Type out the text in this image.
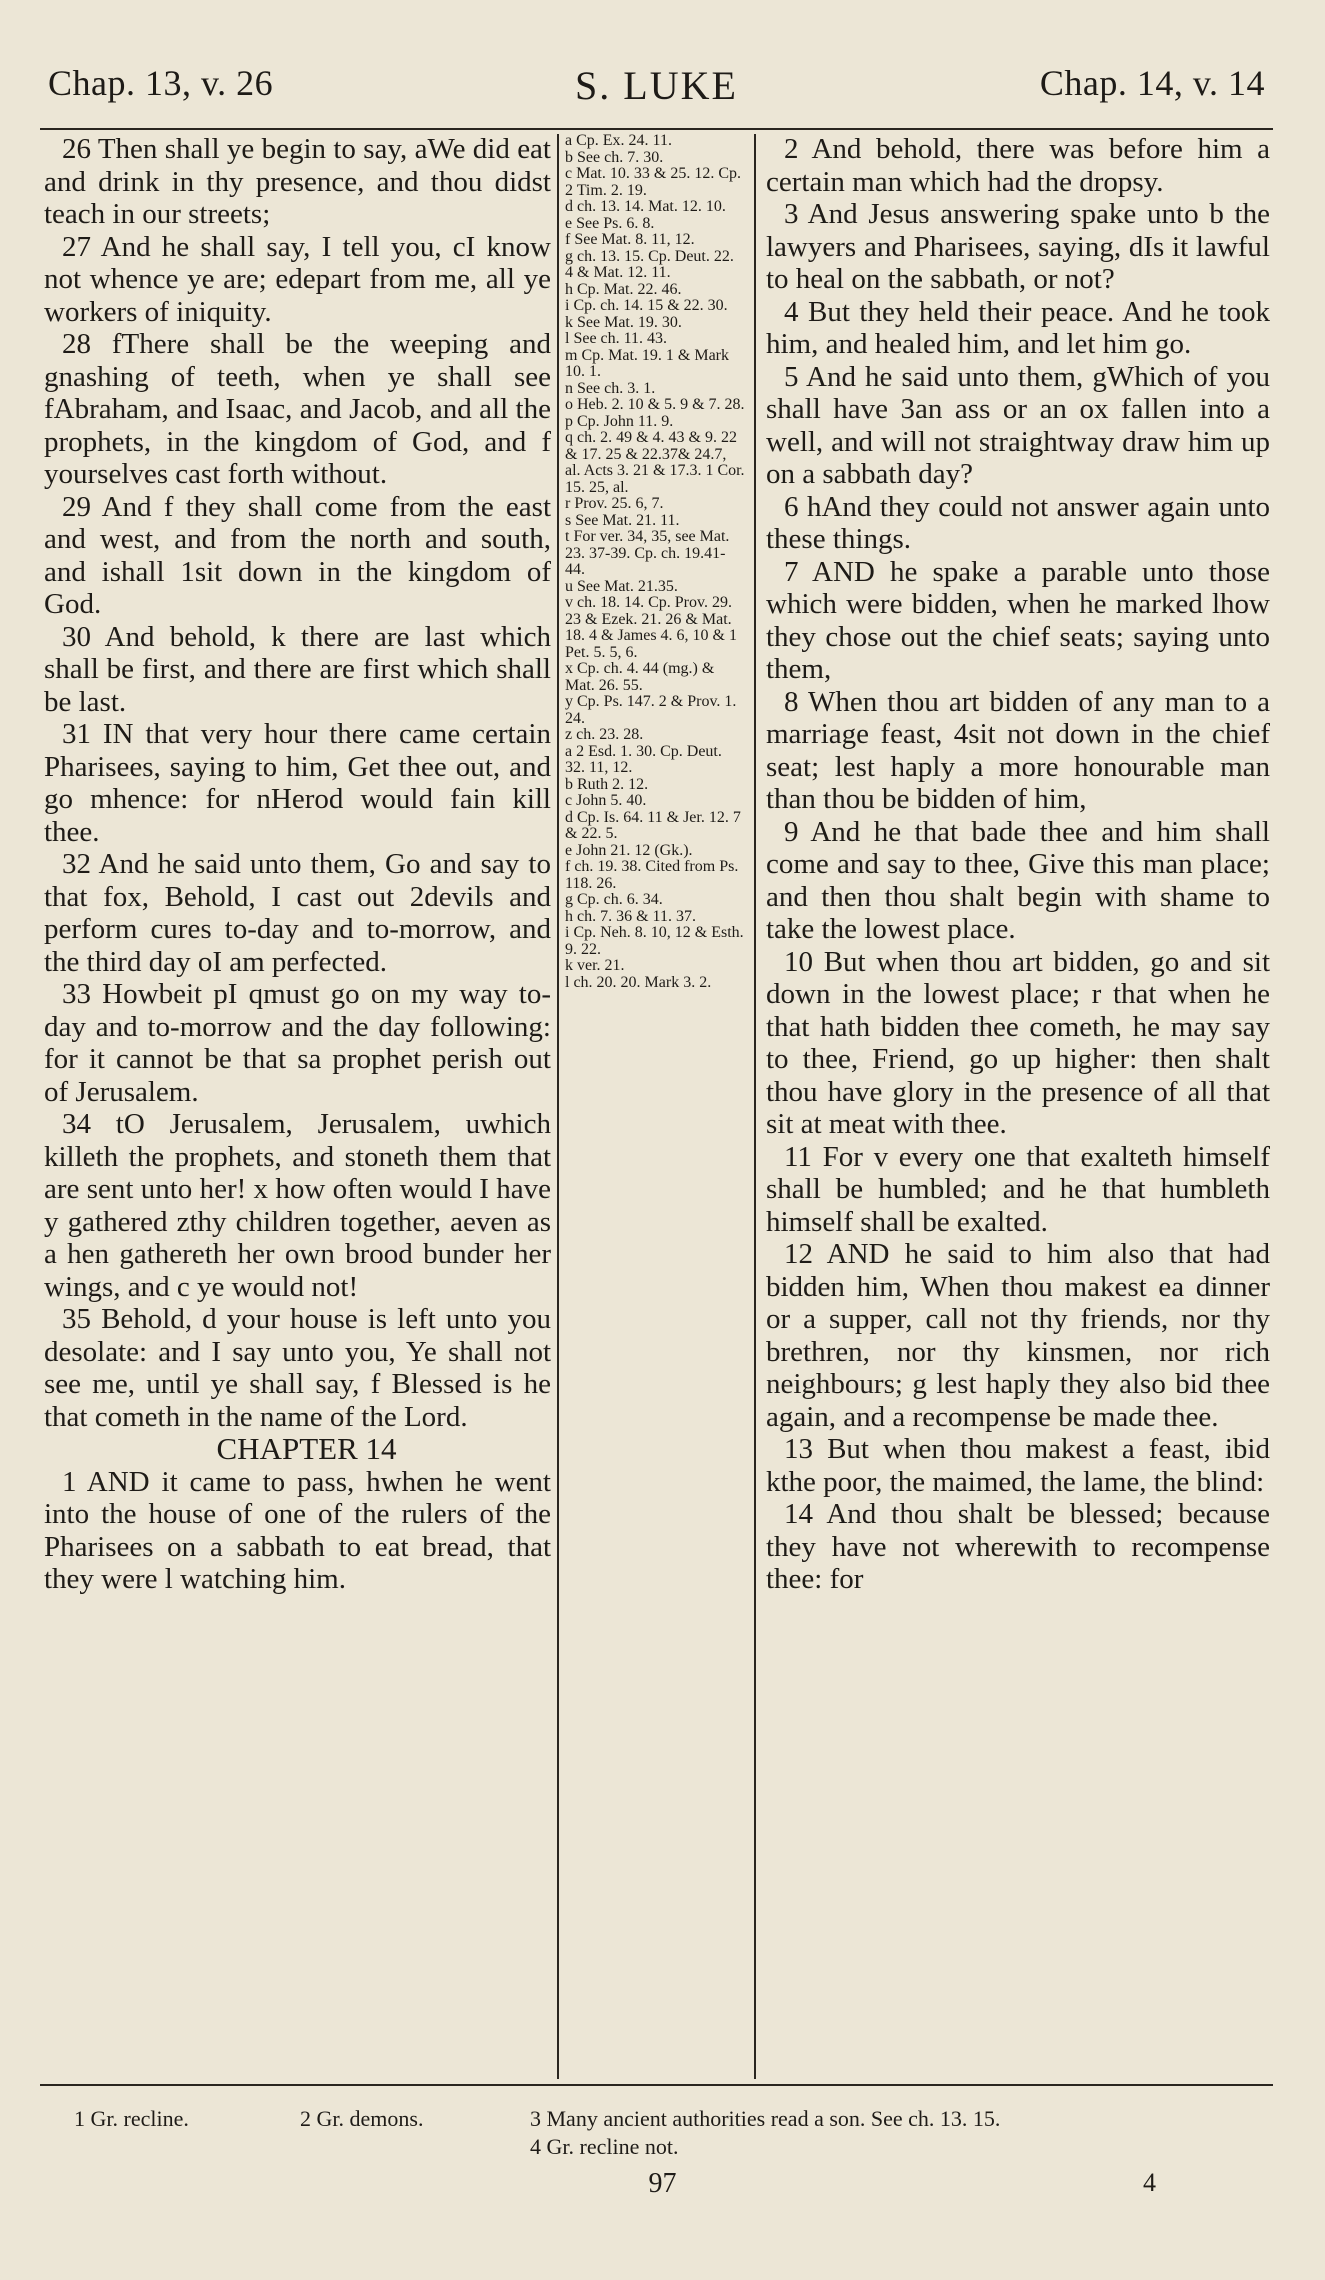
Chap. 13, v. 26	S. LUKE	Chap. 14, v. 14

26 Then shall ye begin to say, aWe did eat and drink in thy presence, and thou didst teach in our streets;

27 And he shall say, I tell you, cI know not whence ye are; edepart from me, all ye workers of iniquity.

28 fThere shall be the weeping and gnashing of teeth, when ye shall see fAbraham, and Isaac, and Jacob, and all the prophets, in the kingdom of God, and f yourselves cast forth without.

29 And f they shall come from the east and west, and from the north and south, and ishall 1sit down in the kingdom of God.

30 And behold, k there are last which shall be first, and there are first which shall be last.

31 IN that very hour there came certain Pharisees, saying to him, Get thee out, and go mhence: for nHerod would fain kill thee.

32 And he said unto them, Go and say to that fox, Behold, I cast out 2devils and perform cures to-day and to-morrow, and the third day oI am perfected.

33 Howbeit pI qmust go on my way to-day and to-morrow and the day following: for it cannot be that sa prophet perish out of Jerusalem.

34 tO Jerusalem, Jerusalem, uwhich killeth the prophets, and stoneth them that are sent unto her! x how often would I have y gathered zthy children together, aeven as a hen gathereth her own brood bunder her wings, and c ye would not!

35 Behold, d your house is left unto you desolate: and I say unto you, Ye shall not see me, until ye shall say, f Blessed is he that cometh in the name of the Lord.

CHAPTER 14

1 AND it came to pass, hwhen he went into the house of one of the rulers of the Pharisees on a sabbath to eat bread, that they were l watching him.

a Cp. Ex. 24. 11.
b See ch. 7. 30.
c Mat. 10. 33 & 25. 12. Cp. 2 Tim. 2. 19.
d ch. 13. 14. Mat. 12. 10.
e See Ps. 6. 8.
f See Mat. 8. 11, 12.
g ch. 13. 15. Cp. Deut. 22. 4 & Mat. 12. 11.
h Cp. Mat. 22. 46.
i Cp. ch. 14. 15 & 22. 30.
k See Mat. 19. 30.
l See ch. 11. 43.
m Cp. Mat. 19. 1 & Mark 10. 1.
n See ch. 3. 1.
o Heb. 2. 10 & 5. 9 & 7. 28.
p Cp. John 11. 9.
q ch. 2. 49 & 4. 43 & 9. 22 & 17. 25 & 22.37& 24.7, al. Acts 3. 21 & 17.3. 1 Cor. 15. 25, al.
r Prov. 25. 6, 7.
s See Mat. 21. 11.
t For ver. 34, 35, see Mat. 23. 37-39. Cp. ch. 19.41-44.
u See Mat. 21.35.
v ch. 18. 14. Cp. Prov. 29. 23 & Ezek. 21. 26 & Mat. 18. 4 & James 4. 6, 10 & 1 Pet. 5. 5, 6.
x Cp. ch. 4. 44 (mg.) & Mat. 26. 55.
y Cp. Ps. 147. 2 & Prov. 1. 24.
z ch. 23. 28.
a 2 Esd. 1. 30. Cp. Deut. 32. 11, 12.
b Ruth 2. 12.
c John 5. 40.
d Cp. Is. 64. 11 & Jer. 12. 7 & 22. 5.
e John 21. 12 (Gk.).
f ch. 19. 38. Cited from Ps. 118. 26.
g Cp. ch. 6. 34.
h ch. 7. 36 & 11. 37.
i Cp. Neh. 8. 10, 12 & Esth. 9. 22.
k ver. 21.
l ch. 20. 20. Mark 3. 2.

2 And behold, there was before him a certain man which had the dropsy.

3 And Jesus answering spake unto b the lawyers and Pharisees, saying, dIs it lawful to heal on the sabbath, or not?

4 But they held their peace. And he took him, and healed him, and let him go.

5 And he said unto them, gWhich of you shall have 3an ass or an ox fallen into a well, and will not straightway draw him up on a sabbath day?

6 hAnd they could not answer again unto these things.

7 AND he spake a parable unto those which were bidden, when he marked lhow they chose out the chief seats; saying unto them,

8 When thou art bidden of any man to a marriage feast, 4sit not down in the chief seat; lest haply a more honourable man than thou be bidden of him,

9 And he that bade thee and him shall come and say to thee, Give this man place; and then thou shalt begin with shame to take the lowest place.

10 But when thou art bidden, go and sit down in the lowest place; r that when he that hath bidden thee cometh, he may say to thee, Friend, go up higher: then shalt thou have glory in the presence of all that sit at meat with thee.

11 For v every one that exalteth himself shall be humbled; and he that humbleth himself shall be exalted.

12 AND he said to him also that had bidden him, When thou makest ea dinner or a supper, call not thy friends, nor thy brethren, nor thy kinsmen, nor rich neighbours; g lest haply they also bid thee again, and a recompense be made thee.

13 But when thou makest a feast, ibid kthe poor, the maimed, the lame, the blind:

14 And thou shalt be blessed; because they have not wherewith to recompense thee: for

1 Gr. recline.	2 Gr. demons.	3 Many ancient authorities read a son. See ch. 13. 15.
4 Gr. recline not.
97	4
